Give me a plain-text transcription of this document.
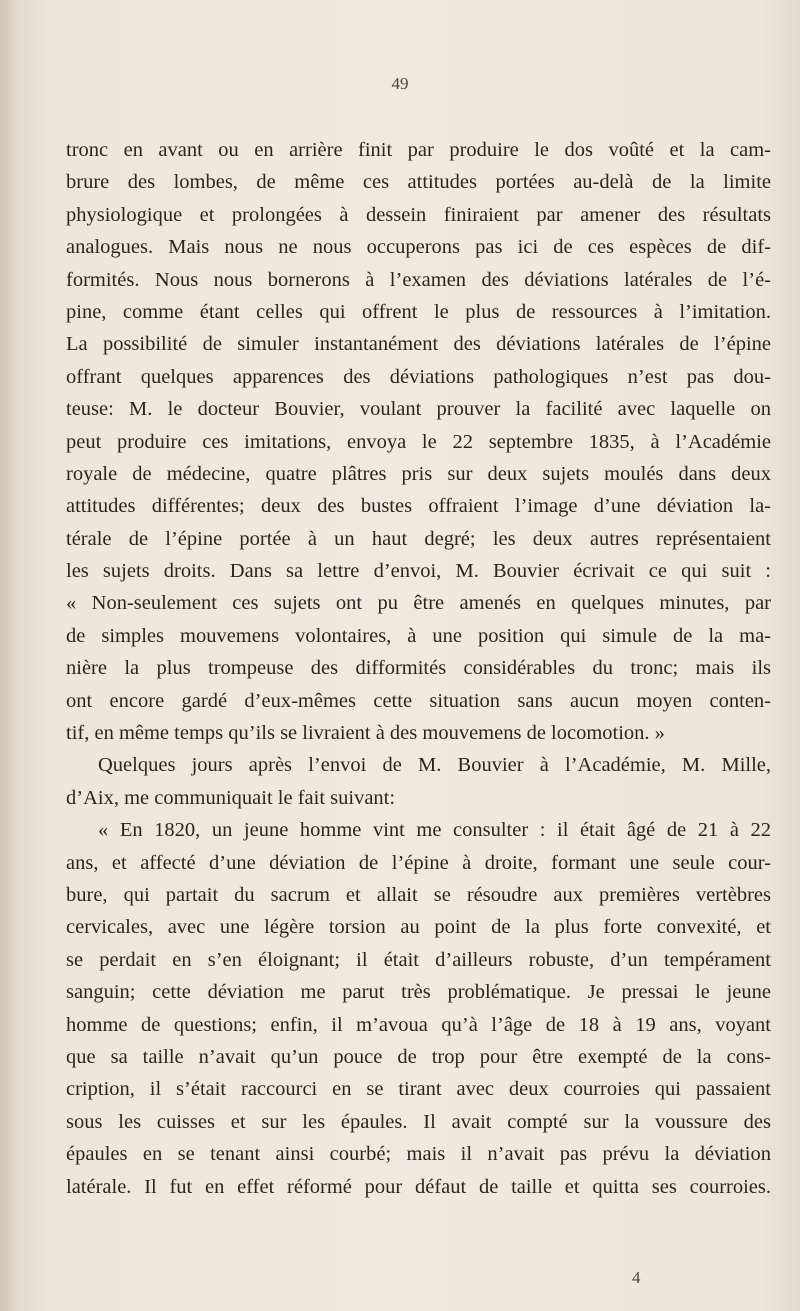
49
tronc en avant ou en arrière finit par produire le dos voûté et la cam-
brure des lombes, de même ces attitudes portées au-delà de la limite
physiologique et prolongées à dessein finiraient par amener des résultats
analogues. Mais nous ne nous occuperons pas ici de ces espèces de dif-
formités. Nous nous bornerons à l’examen des déviations latérales de l’é-
pine, comme étant celles qui offrent le plus de ressources à l’imitation.
La possibilité de simuler instantanément des déviations latérales de l’épine
offrant quelques apparences des déviations pathologiques n’est pas dou-
teuse: M. le docteur Bouvier, voulant prouver la facilité avec laquelle on
peut produire ces imitations, envoya le 22 septembre 1835, à l’Académie
royale de médecine, quatre plâtres pris sur deux sujets moulés dans deux
attitudes différentes; deux des bustes offraient l’image d’une déviation la-
térale de l’épine portée à un haut degré; les deux autres représentaient
les sujets droits. Dans sa lettre d’envoi, M. Bouvier écrivait ce qui suit :
« Non-seulement ces sujets ont pu être amenés en quelques minutes, par
de simples mouvemens volontaires, à une position qui simule de la ma-
nière la plus trompeuse des difformités considérables du tronc; mais ils
ont encore gardé d’eux-mêmes cette situation sans aucun moyen conten-
tif, en même temps qu’ils se livraient à des mouvemens de locomotion. »
Quelques jours après l’envoi de M. Bouvier à l’Académie, M. Mille,
d’Aix, me communiquait le fait suivant:
« En 1820, un jeune homme vint me consulter : il était âgé de 21 à 22
ans, et affecté d’une déviation de l’épine à droite, formant une seule cour-
bure, qui partait du sacrum et allait se résoudre aux premières vertèbres
cervicales, avec une légère torsion au point de la plus forte convexité, et
se perdait en s’en éloignant; il était d’ailleurs robuste, d’un tempérament
sanguin; cette déviation me parut très problématique. Je pressai le jeune
homme de questions; enfin, il m’avoua qu’à l’âge de 18 à 19 ans, voyant
que sa taille n’avait qu’un pouce de trop pour être exempté de la cons-
cription, il s’était raccourci en se tirant avec deux courroies qui passaient
sous les cuisses et sur les épaules. Il avait compté sur la voussure des
épaules en se tenant ainsi courbé; mais il n’avait pas prévu la déviation
latérale. Il fut en effet réformé pour défaut de taille et quitta ses courroies.
4
